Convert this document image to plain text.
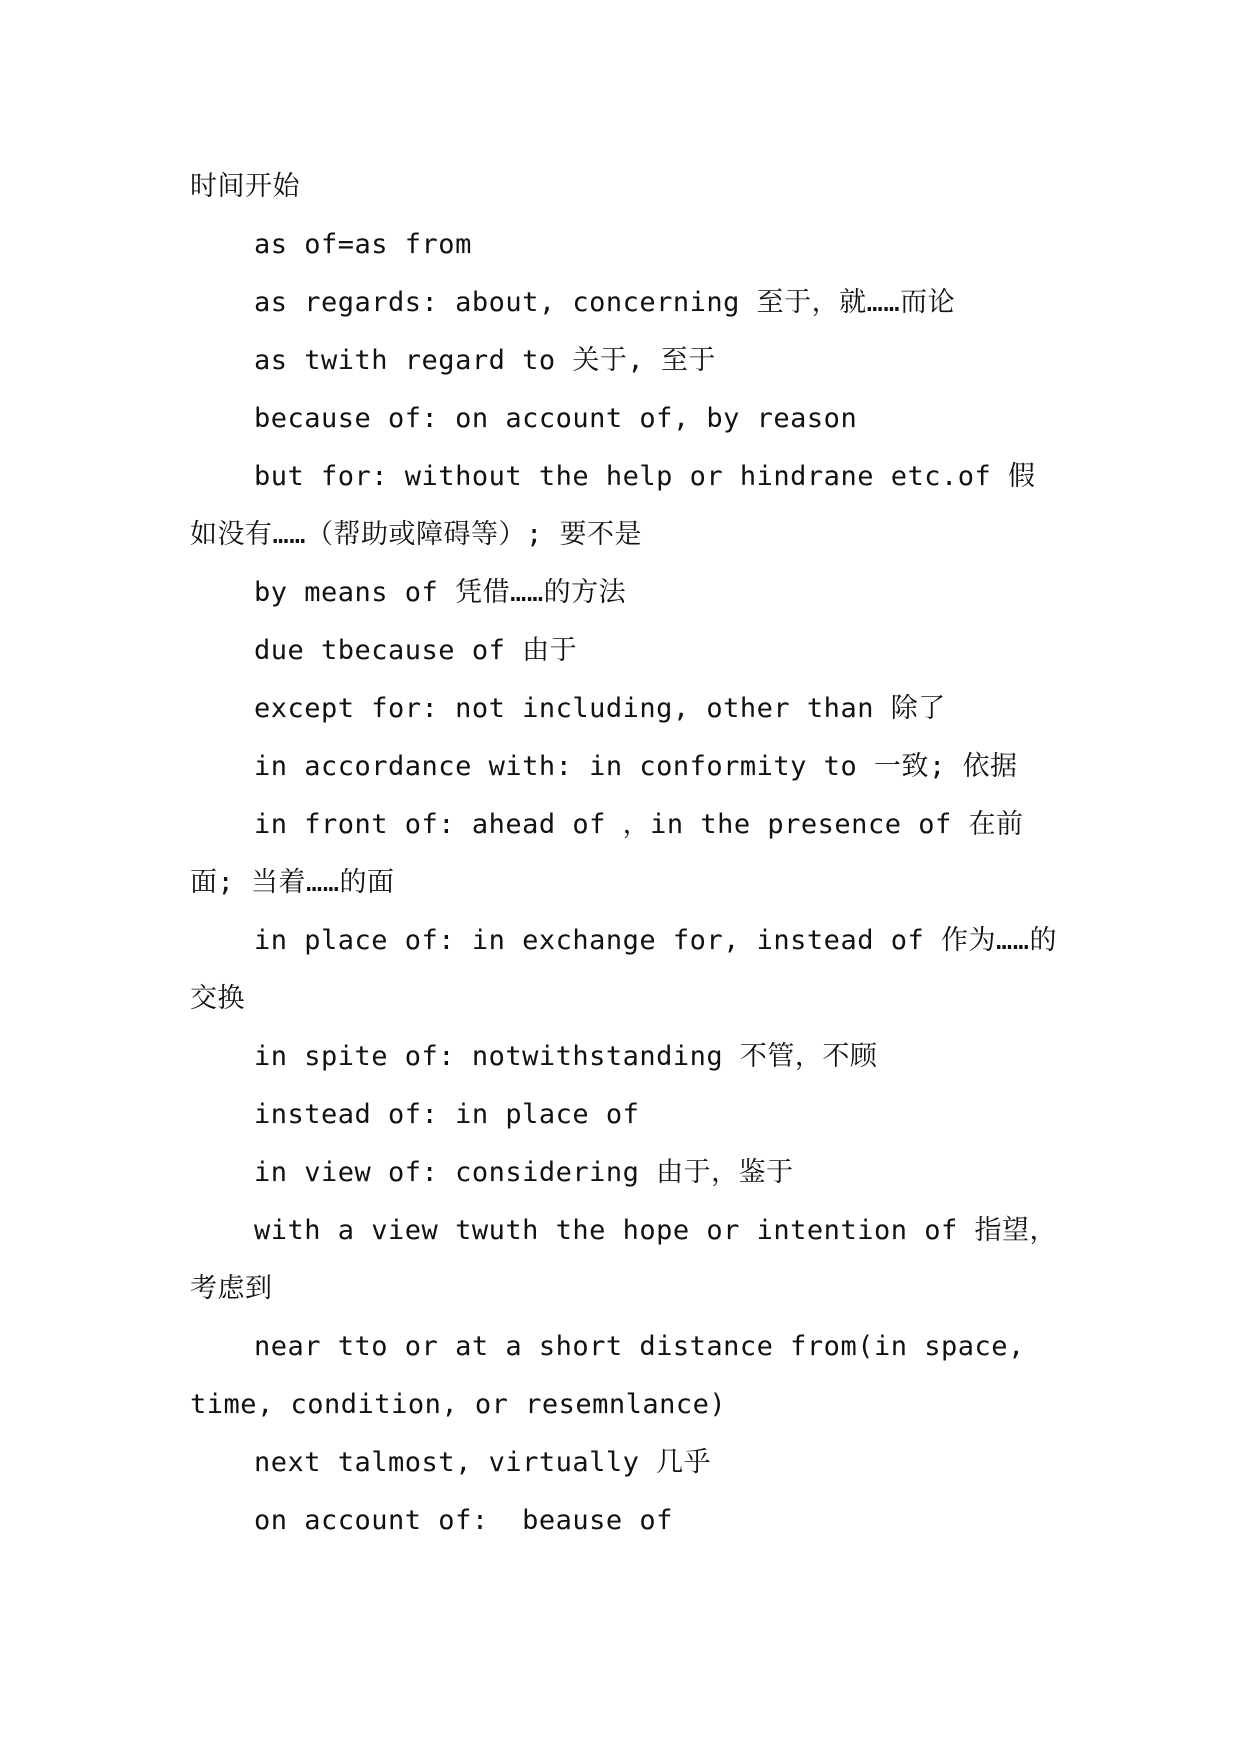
时间开始

as of=as from

as regards: about, concerning 至于，就……而论

as twith regard to 关于, 至于

because of: on account of, by reason

but for: without the help or hindrane etc.of 假如没有……（帮助或障碍等）; 要不是

by means of 凭借……的方法

due tbecause of 由于

except for: not including, other than 除了

in accordance with: in conformity to 一致; 依据

in front of: ahead of ，in the presence of 在前面; 当着……的面

in place of: in exchange for, instead of 作为……的交换

in spite of: notwithstanding 不管，不顾

instead of: in place of

in view of: considering 由于，鉴于

with a view twuth the hope or intention of 指望，考虑到

near tto or at a short distance from(in space, time, condition, or resemnlance)

next talmost, virtually 几乎

on account of:  beause of
